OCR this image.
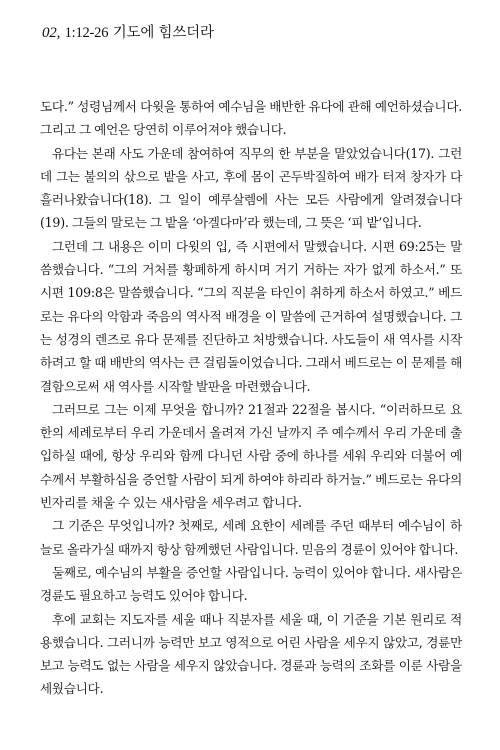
02, 1:12-26 기도에 힘쓰더라

도다.” 성령님께서 다윗을 통하여 예수님을 배반한 유다에 관해 예언하셨습니다. 그리고 그 예언은 당연히 이루어져야 했습니다.

유다는 본래 사도 가운데 참여하여 직무의 한 부분을 맡았었습니다(17). 그런데 그는 불의의 삯으로 밭을 사고, 후에 몸이 곤두박질하여 배가 터져 창자가 다 흘러나왔습니다(18). 그 일이 예루살렘에 사는 모든 사람에게 알려졌습니다(19). 그들의 말로는 그 밭을 ‘아겔다마’라 했는데, 그 뜻은 ‘피 밭’입니다.

그런데 그 내용은 이미 다윗의 입, 즉 시편에서 말했습니다. 시편 69:25는 말씀했습니다. “그의 거처를 황폐하게 하시며 거기 거하는 자가 없게 하소서.” 또 시편 109:8은 말씀했습니다. “그의 직분을 타인이 취하게 하소서 하였고.” 베드로는 유다의 악함과 죽음의 역사적 배경을 이 말씀에 근거하여 설명했습니다. 그는 성경의 렌즈로 유다 문제를 진단하고 처방했습니다. 사도들이 새 역사를 시작하려고 할 때 배반의 역사는 큰 걸림돌이었습니다. 그래서 베드로는 이 문제를 해결함으로써 새 역사를 시작할 발판을 마련했습니다.

그러므로 그는 이제 무엇을 합니까? 21절과 22절을 봅시다. “이러하므로 요한의 세례로부터 우리 가운데서 올려져 가신 날까지 주 예수께서 우리 가운데 출입하실 때에, 항상 우리와 함께 다니던 사람 중에 하나를 세워 우리와 더불어 예수께서 부활하심을 증언할 사람이 되게 하여야 하리라 하거늘.” 베드로는 유다의 빈자리를 채울 수 있는 새사람을 세우려고 합니다.

그 기준은 무엇입니까? 첫째로, 세례 요한이 세례를 주던 때부터 예수님이 하늘로 올라가실 때까지 항상 함께했던 사람입니다. 믿음의 경륜이 있어야 합니다.

둘째로, 예수님의 부활을 증언할 사람입니다. 능력이 있어야 합니다. 새사람은 경륜도 필요하고 능력도 있어야 합니다.

후에 교회는 지도자를 세울 때나 직분자를 세울 때, 이 기준을 기본 원리로 적용했습니다. 그러니까 능력만 보고 영적으로 어린 사람을 세우지 않았고, 경륜만 보고 능력도 없는 사람을 세우지 않았습니다. 경륜과 능력의 조화를 이룬 사람을 세웠습니다.
